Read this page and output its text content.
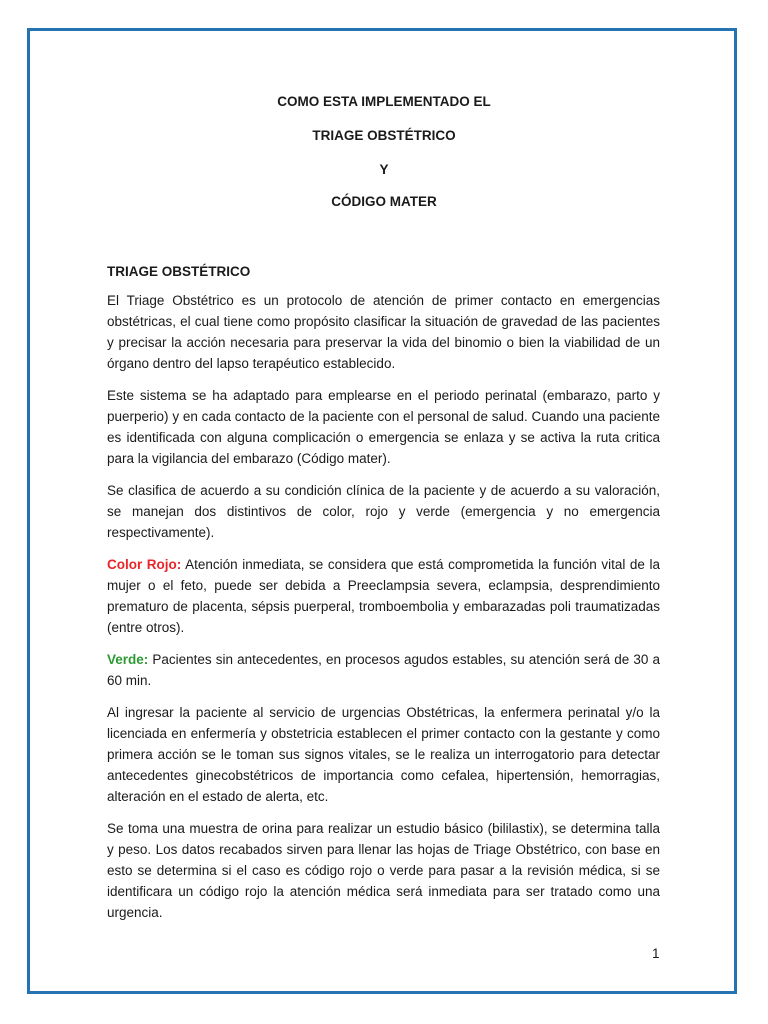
COMO ESTA IMPLEMENTADO EL
TRIAGE OBSTÉTRICO
Y
CÓDIGO MATER
TRIAGE OBSTÉTRICO

El Triage Obstétrico es un protocolo de atención de primer contacto en emergencias obstétricas, el cual tiene como propósito clasificar la situación de gravedad de las pacientes y precisar la acción necesaria para preservar la vida del binomio o bien la viabilidad de un órgano dentro del lapso terapéutico establecido.

Este sistema se ha adaptado para emplearse en el periodo perinatal (embarazo, parto y puerperio) y en cada contacto de la paciente con el personal de salud. Cuando una paciente es identificada con alguna complicación o emergencia se enlaza y se activa la ruta critica para la vigilancia del embarazo (Código mater).

Se clasifica de acuerdo a su condición clínica de la paciente y de acuerdo a su valoración, se manejan dos distintivos de color, rojo y verde (emergencia y no emergencia respectivamente).

Color Rojo: Atención inmediata, se considera que está comprometida la función vital de la mujer o el feto, puede ser debida a Preeclampsia severa, eclampsia, desprendimiento prematuro de placenta, sépsis puerperal, tromboembolia y embarazadas poli traumatizadas (entre otros).

Verde: Pacientes sin antecedentes, en procesos agudos estables, su atención será de 30 a 60 min.

Al ingresar la paciente al servicio de urgencias Obstétricas, la enfermera perinatal y/o la licenciada en enfermería y obstetricia establecen el primer contacto con la gestante y como primera acción se le toman sus signos vitales, se le realiza un interrogatorio para detectar antecedentes ginecobstétricos de importancia como cefalea, hipertensión, hemorragias, alteración en el estado de alerta, etc.

Se toma una muestra de orina para realizar un estudio básico (bililastix), se determina talla y peso. Los datos recabados sirven para llenar las hojas de Triage Obstétrico, con base en esto se determina si el caso es código rojo o verde para pasar a la revisión médica, si se identificara un código rojo la atención médica será inmediata para ser tratado como una urgencia.

1
